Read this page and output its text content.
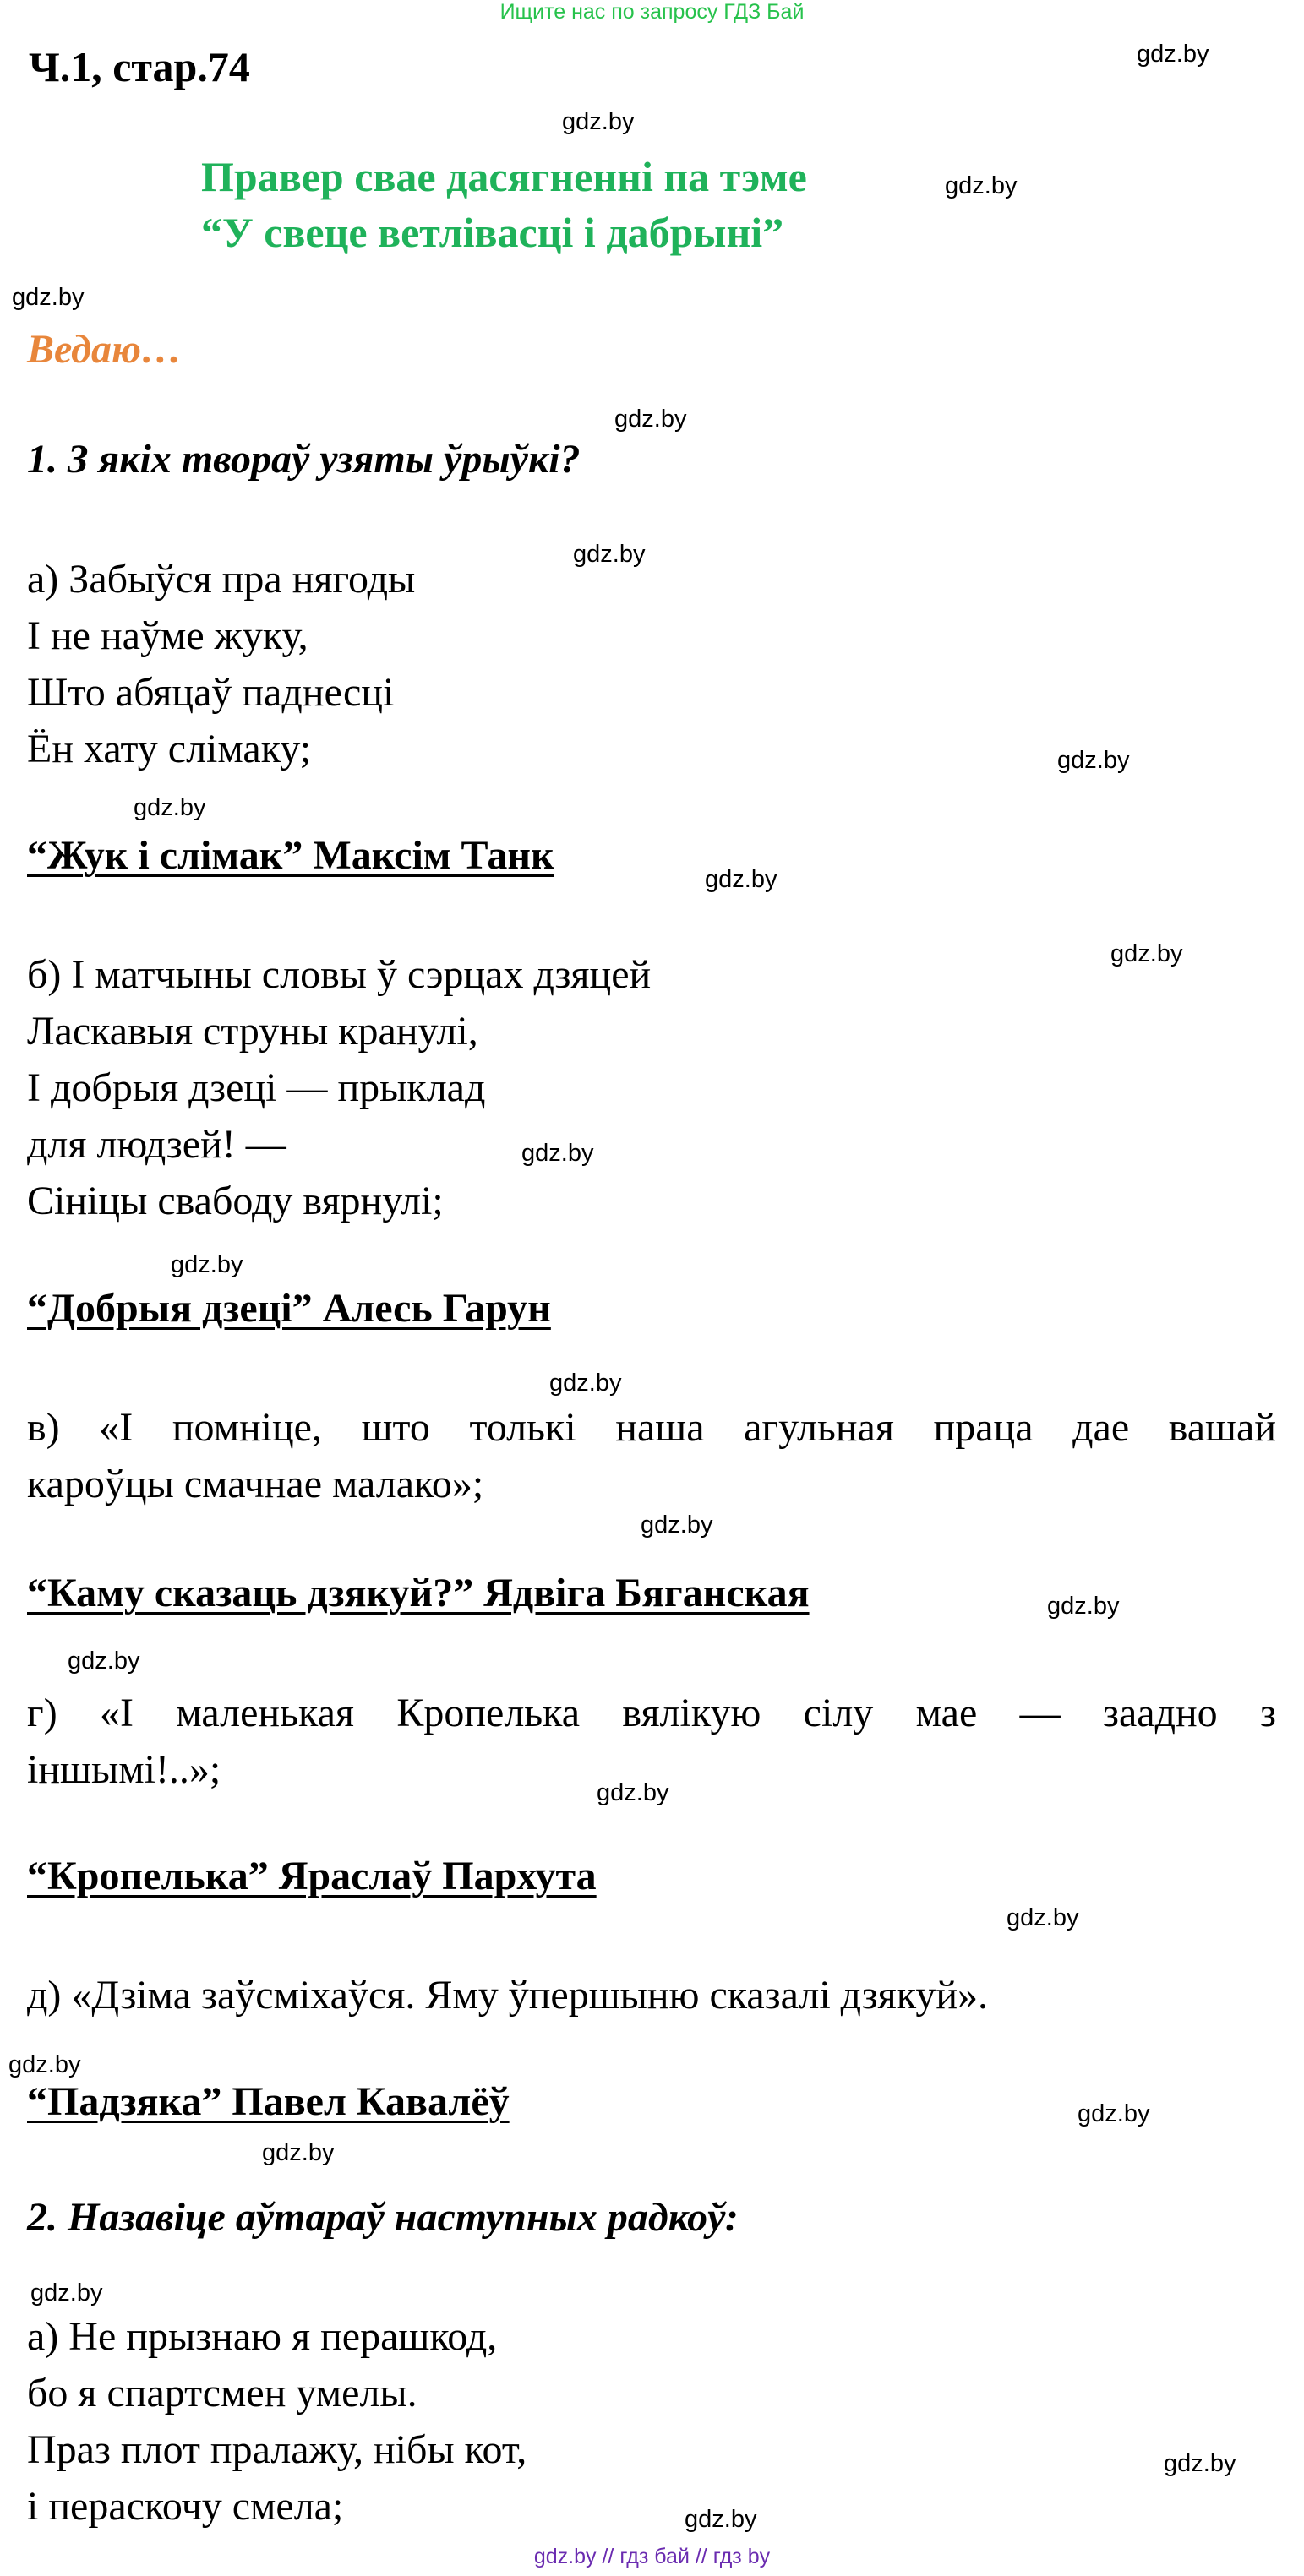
Ищите нас по запросу ГДЗ Бай
Ч.1, стар.74
Правер свае дасягненні па тэме
“У свеце ветлівасці і дабрыні”
Ведаю…
1. З якіх твораў узяты ўрыўкі?
а) Забыўся пра нягоды
І не наўме жуку,
Што абяцаў паднесці
Ён хату слімаку;
“Жук і слімак” Максім Танк
б) І матчыны словы ў сэрцах дзяцей
Ласкавыя струны кранулі,
І добрыя дзеці — прыклад
для людзей! —
Сініцы свабоду вярнулі;
“Добрыя дзеці” Алесь Гарун
в) «І помніце, што толькі наша агульная праца дае вашай
кароўцы смачнае малако»;
“Каму сказаць дзякуй?” Ядвіга Бяганская
г) «І маленькая Кропелька вялікую сілу мае — заадно з
іншымі!..»;
“Кропелька” Яраслаў Пархута
д) «Дзіма заўсміхаўся. Яму ўпершыню сказалі дзякуй».
“Падзяка” Павел Кавалёў
2. Назавіце аўтараў наступных радкоў:
а) Не прызнаю я перашкод,
бо я спартсмен умелы.
Праз плот пралажу, нібы кот,
і пераскочу смела;
gdz.by
gdz.by
gdz.by
gdz.by
gdz.by
gdz.by
gdz.by
gdz.by
gdz.by
gdz.by
gdz.by
gdz.by
gdz.by
gdz.by
gdz.by
gdz.by
gdz.by
gdz.by
gdz.by
gdz.by
gdz.by
gdz.by
gdz.by
gdz.by
gdz.by // гдз бай // гдз by
